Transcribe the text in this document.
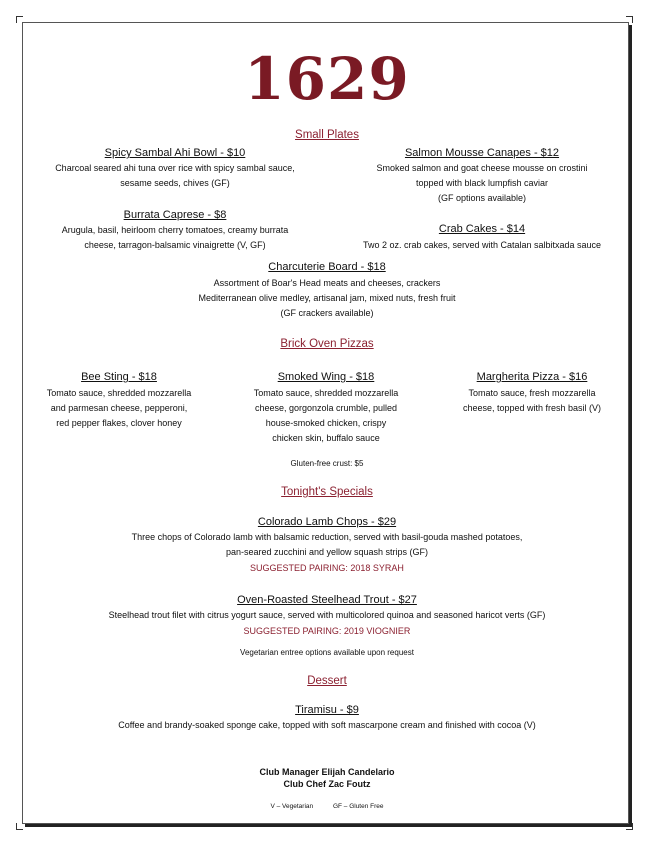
1629
Small Plates
Spicy Sambal Ahi Bowl - $10
Charcoal seared ahi tuna over rice with spicy sambal sauce,
sesame seeds, chives (GF)
Salmon Mousse Canapes - $12
Smoked salmon and goat cheese mousse on crostini
topped with black lumpfish caviar
(GF options available)
Burrata Caprese - $8
Arugula, basil, heirloom cherry tomatoes, creamy burrata
cheese, tarragon-balsamic vinaigrette (V, GF)
Crab Cakes - $14
Two 2 oz. crab cakes, served with Catalan salbitxada sauce
Charcuterie Board - $18
Assortment of Boar's Head meats and cheeses, crackers
Mediterranean olive medley, artisanal jam, mixed nuts, fresh fruit
(GF crackers available)
Brick Oven Pizzas
Bee Sting - $18
Tomato sauce, shredded mozzarella
and parmesan cheese, pepperoni,
red pepper flakes, clover honey
Smoked Wing - $18
Tomato sauce, shredded mozzarella
cheese, gorgonzola crumble, pulled
house-smoked chicken, crispy
chicken skin, buffalo sauce
Margherita Pizza - $16
Tomato sauce, fresh mozzarella
cheese, topped with fresh basil (V)
Gluten-free crust: $5
Tonight's Specials
Colorado Lamb Chops - $29
Three chops of Colorado lamb with balsamic reduction, served with basil-gouda mashed potatoes,
pan-seared zucchini and yellow squash strips (GF)
SUGGESTED PAIRING: 2018 SYRAH
Oven-Roasted Steelhead Trout - $27
Steelhead trout filet with citrus yogurt sauce, served with multicolored quinoa and seasoned haricot verts (GF)
SUGGESTED PAIRING: 2019 VIOGNIER
Vegetarian entree options available upon request
Dessert
Tiramisu - $9
Coffee and brandy-soaked sponge cake, topped with soft mascarpone cream and finished with cocoa (V)
Club Manager Elijah Candelario
Club Chef Zac Foutz
V – Vegetarian	GF – Gluten Free
